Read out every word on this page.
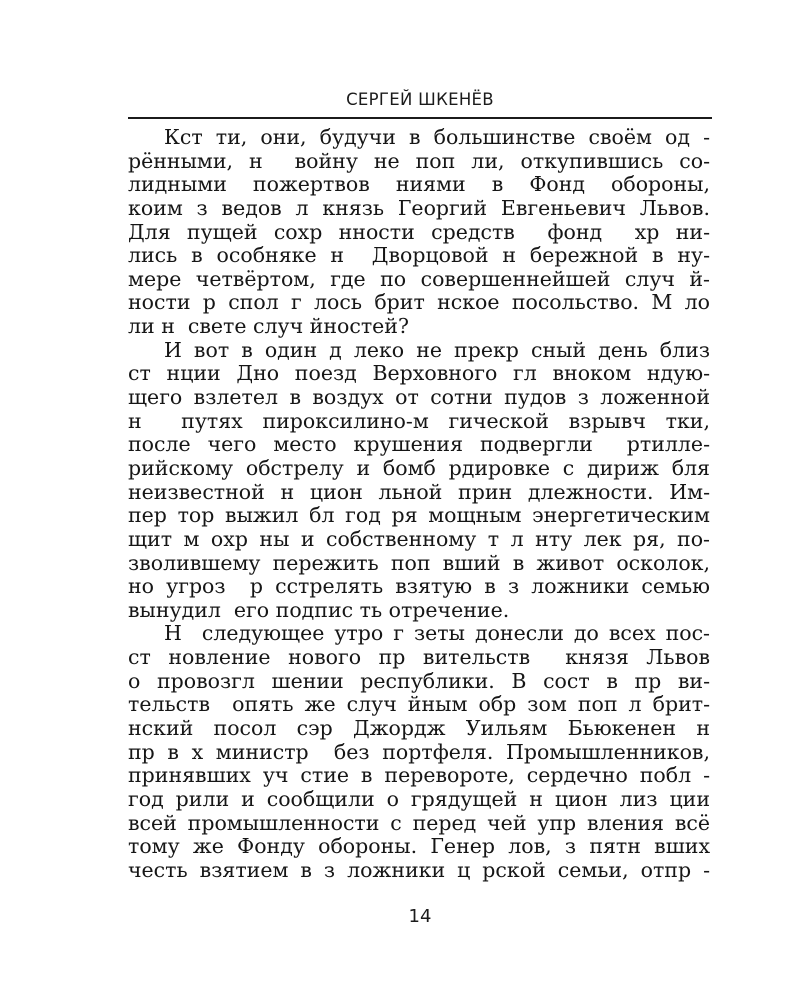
СЕРГЕЙ ШКЕНЁВ
Кст ти, они, будучи в большинстве своём од -
рёнными, н  войну не поп ли, откупившись со-
лидными пожертвов ниями в Фонд обороны,
коим з ведов л князь Георгий Евгеньевич Львов.
Для пущей сохр нности средств  фонд  хр ни-
лись в особняке н  Дворцовой н бережной в ну-
мере четвёртом, где по совершеннейшей случ й-
ности р спол г лось брит нское посольство. М ло
ли н  свете случ йностей?
И вот в один д леко не прекр сный день близ
ст нции Дно поезд Верховного гл вноком ндую-
щего взлетел в воздух от сотни пудов з ложенной
н  путях пироксилино-м гической взрывч тки,
после чего место крушения подвергли  ртилле-
рийскому обстрелу и бомб рдировке с дириж бля
неизвестной н цион льной прин длежности. Им-
пер тор выжил бл год ря мощным энергетическим
щит м охр ны и собственному т л нту лек ря, по-
зволившему пережить поп вший в живот осколок,
но угроз  р сстрелять взятую в з ложники семью
вынудил  его подпис ть отречение.
Н  следующее утро г зеты донесли до всех пос-
ст новление нового пр вительств  князя Львов
о провозгл шении республики. В сост в пр ви-
тельств  опять же случ йным обр зом поп л брит-
нский посол сэр Джордж Уильям Бьюкенен н
пр в х министр  без портфеля. Промышленников,
принявших уч стие в перевороте, сердечно побл -
год рили и сообщили о грядущей н цион лиз ции
всей промышленности с перед чей упр вления всё
тому же Фонду обороны. Генер лов, з пятн вших
честь взятием в з ложники ц рской семьи, отпр -
14
